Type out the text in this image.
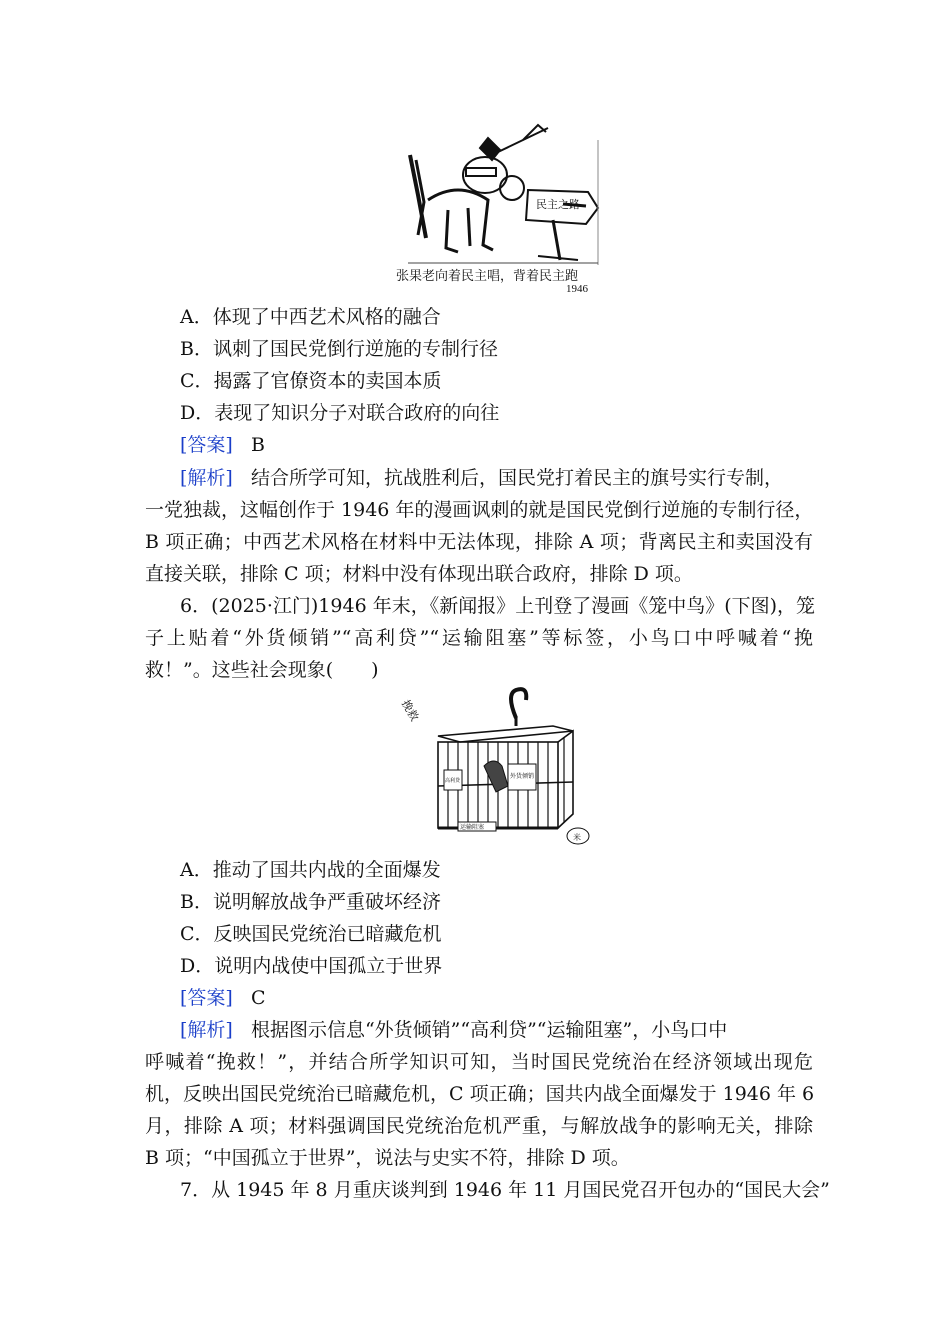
民主之路
张果老向着民主唱，背着民主跑
1946
A．体现了中西艺术风格的融合
B．讽刺了国民党倒行逆施的专制行径
C．揭露了官僚资本的卖国本质
D．表现了知识分子对联合政府的向往
[答案] B
[解析] 结合所学可知，抗战胜利后，国民党打着民主的旗号实行专制，
一党独裁，这幅创作于 1946 年的漫画讽刺的就是国民党倒行逆施的专制行径，
B 项正确；中西艺术风格在材料中无法体现，排除 A 项；背离民主和卖国没有
直接关联，排除 C 项；材料中没有体现出联合政府，排除 D 项。
6．(2025·江门)1946 年末，《新闻报》上刊登了漫画《笼中鸟》(下图)，笼
子上贴着“外货倾销”“高利贷”“运输阻塞”等标签，小鸟口中呼喊着“挽
救！”。这些社会现象(　　)
挽救
外货倾销
高利贷
运输阻塞
米
A．推动了国共内战的全面爆发
B．说明解放战争严重破坏经济
C．反映国民党统治已暗藏危机
D．说明内战使中国孤立于世界
[答案] C
[解析] 根据图示信息“外货倾销”“高利贷”“运输阻塞”，小鸟口中
呼喊着“挽救！”，并结合所学知识可知，当时国民党统治在经济领域出现危
机，反映出国民党统治已暗藏危机，C 项正确；国共内战全面爆发于 1946 年 6
月，排除 A 项；材料强调国民党统治危机严重，与解放战争的影响无关，排除
B 项；“中国孤立于世界”，说法与史实不符，排除 D 项。
7．从 1945 年 8 月重庆谈判到 1946 年 11 月国民党召开包办的“国民大会”
